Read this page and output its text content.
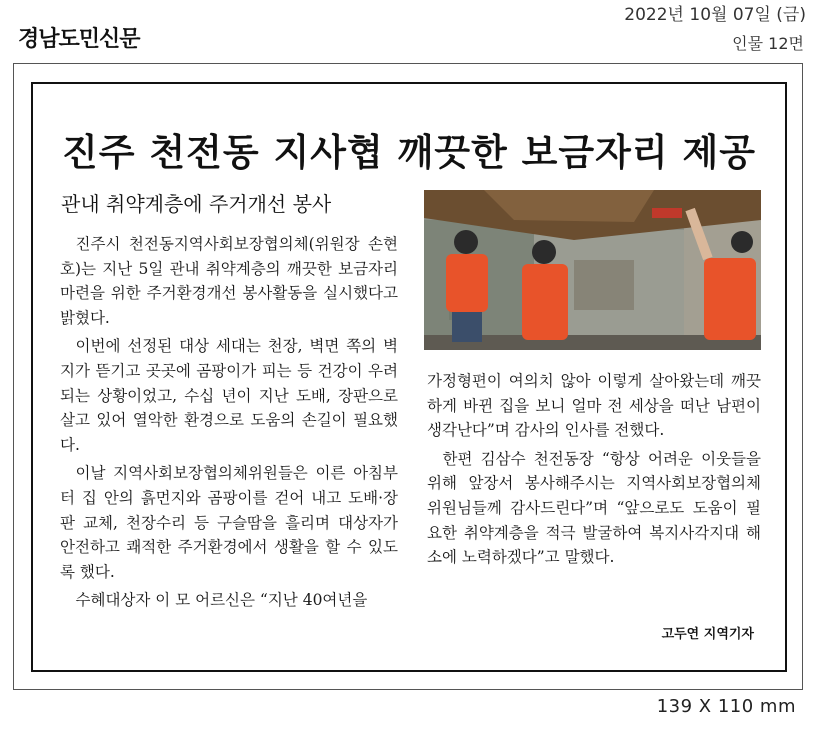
경남도민신문
2022년 10월 07일 (금)
인물 12면
진주 천전동 지사협 깨끗한 보금자리 제공
관내 취약계층에 주거개선 봉사

진주시 천전동지역사회보장협의체(위원장 손현호)는 지난 5일 관내 취약계층의 깨끗한 보금자리 마련을 위한 주거환경개선 봉사활동을 실시했다고 밝혔다.

이번에 선정된 대상 세대는 천장, 벽면 쪽의 벽지가 뜯기고 곳곳에 곰팡이가 피는 등 건강이 우려되는 상황이었고, 수십 년이 지난 도배, 장판으로 살고 있어 열악한 환경으로 도움의 손길이 필요했다.

이날 지역사회보장협의체위원들은 이른 아침부터 집 안의 흙먼지와 곰팡이를 걷어 내고 도배·장판 교체, 천장수리 등 구슬땀을 흘리며 대상자가 안전하고 쾌적한 주거환경에서 생활을 할 수 있도록 했다.

수혜대상자 이 모 어르신은 “지난 40여년을

가정형편이 여의치 않아 이렇게 살아왔는데 깨끗하게 바뀐 집을 보니 얼마 전 세상을 떠난 남편이 생각난다”며 감사의 인사를 전했다.

한편 김삼수 천전동장 “항상 어려운 이웃들을 위해 앞장서 봉사해주시는 지역사회보장협의체 위원님들께 감사드린다”며 “앞으로도 도움이 필요한 취약계층을 적극 발굴하여 복지사각지대 해소에 노력하겠다”고 말했다.

고두연 지역기자
139 X 110 mm
